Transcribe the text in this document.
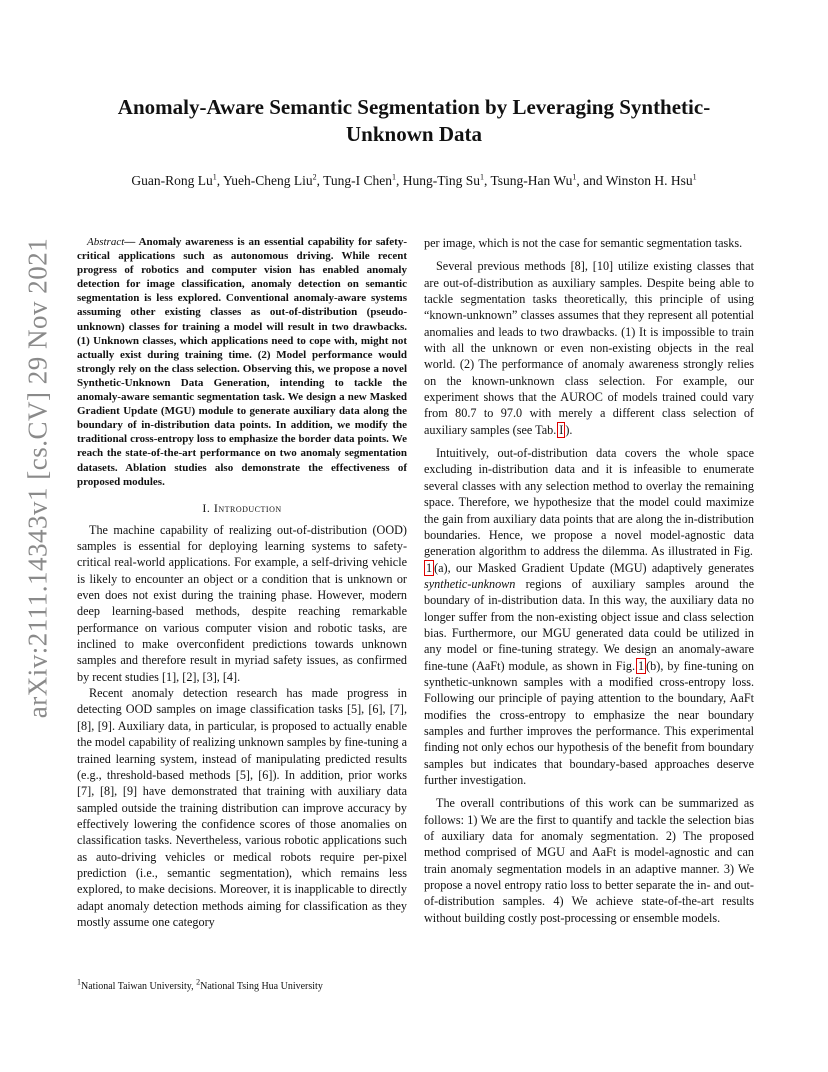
arXiv:2111.14343v1 [cs.CV] 29 Nov 2021
Anomaly-Aware Semantic Segmentation by Leveraging Synthetic-Unknown Data
Guan-Rong Lu$^1$, Yueh-Cheng Liu$^2$, Tung-I Chen$^1$, Hung-Ting Su$^1$, Tsung-Han Wu$^1$, and Winston H. Hsu$^1$

Abstract— Anomaly awareness is an essential capability for safety-critical applications such as autonomous driving. While recent progress of robotics and computer vision has enabled anomaly detection for image classification, anomaly detection on semantic segmentation is less explored. Conventional anomaly-aware systems assuming other existing classes as out-of-distribution (pseudo-unknown) classes for training a model will result in two drawbacks. (1) Unknown classes, which applications need to cope with, might not actually exist during training time. (2) Model performance would strongly rely on the class selection. Observing this, we propose a novel Synthetic-Unknown Data Generation, intending to tackle the anomaly-aware semantic segmentation task. We design a new Masked Gradient Update (MGU) module to generate auxiliary data along the boundary of in-distribution data points. In addition, we modify the traditional cross-entropy loss to emphasize the border data points. We reach the state-of-the-art performance on two anomaly segmentation datasets. Ablation studies also demonstrate the effectiveness of proposed modules.

I. Introduction

The machine capability of realizing out-of-distribution (OOD) samples is essential for deploying learning systems to safety-critical real-world applications. For example, a self-driving vehicle is likely to encounter an object or a condition that is unknown or even does not exist during the training phase. However, modern deep learning-based methods, despite reaching remarkable performance on various computer vision and robotic tasks, are inclined to make overconfident predictions towards unknown samples and therefore result in myriad safety issues, as confirmed by recent studies [1], [2], [3], [4].

Recent anomaly detection research has made progress in detecting OOD samples on image classification tasks [5], [6], [7], [8], [9]. Auxiliary data, in particular, is proposed to actually enable the model capability of realizing unknown samples by fine-tuning a trained learning system, instead of manipulating predicted results (e.g., threshold-based methods [5], [6]). In addition, prior works [7], [8], [9] have demonstrated that training with auxiliary data sampled outside the training distribution can improve accuracy by effectively lowering the confidence scores of those anomalies on classification tasks. Nevertheless, various robotic applications such as auto-driving vehicles or medical robots require per-pixel prediction (i.e., semantic segmentation), which remains less explored, to make decisions. Moreover, it is inapplicable to directly adapt anomaly detection methods aiming for classification as they mostly assume one category

$^1$National Taiwan University, $^2$National Tsing Hua University

per image, which is not the case for semantic segmentation tasks.

Several previous methods [8], [10] utilize existing classes that are out-of-distribution as auxiliary samples. Despite being able to tackle segmentation tasks theoretically, this principle of using “known-unknown” classes assumes that they represent all potential anomalies and leads to two drawbacks. (1) It is impossible to train with all the unknown or even non-existing objects in the real world. (2) The performance of anomaly awareness strongly relies on the known-unknown class selection. For example, our experiment shows that the AUROC of models trained could vary from 80.7 to 97.0 with merely a different class selection of auxiliary samples (see Tab.  I ).

Intuitively, out-of-distribution data covers the whole space excluding in-distribution data and it is infeasible to enumerate several classes with any selection method to overlay the remaining space. Therefore, we hypothesize that the model could maximize the gain from auxiliary data points that are along the in-distribution boundaries. Hence, we propose a novel model-agnostic data generation algorithm to address the dilemma. As illustrated in Fig. 1 (a), our Masked Gradient Update (MGU) adaptively generates synthetic-unknown regions of auxiliary samples around the boundary of in-distribution data. In this way, the auxiliary data no longer suffer from the non-existing object issue and class selection bias. Furthermore, our MGU generated data could be utilized in any model or fine-tuning strategy. We design an anomaly-aware fine-tune (AaFt) module, as shown in Fig.  1 (b), by fine-tuning on synthetic-unknown samples with a modified cross-entropy loss. Following our principle of paying attention to the boundary, AaFt modifies the cross-entropy to emphasize the near boundary samples and further improves the performance. This experimental finding not only echos our hypothesis of the benefit from boundary samples but indicates that boundary-based approaches deserve further investigation.

The overall contributions of this work can be summarized as follows: 1) We are the first to quantify and tackle the selection bias of auxiliary data for anomaly segmentation. 2) The proposed method comprised of MGU and AaFt is model-agnostic and can train anomaly segmentation models in an adaptive manner. 3) We propose a novel entropy ratio loss to better separate the in- and out-of-distribution samples. 4) We achieve state-of-the-art results without building costly post-processing or ensemble models.
